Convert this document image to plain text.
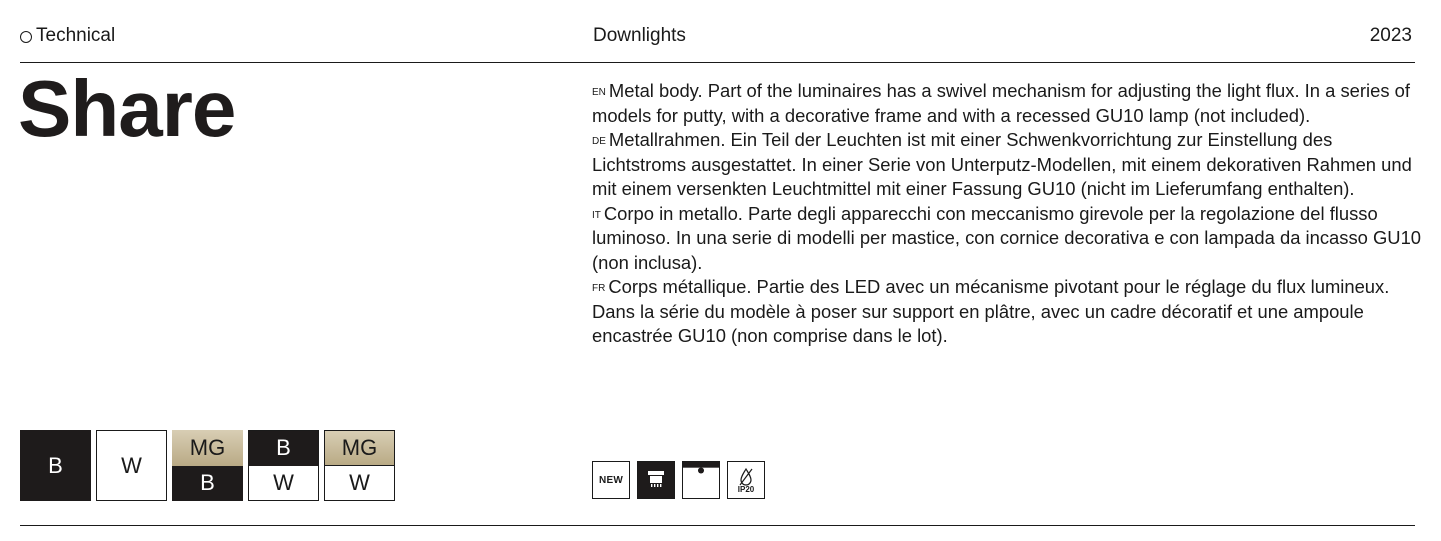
Technical	Downlights	2023
Share	$^{EN}$ Metal body. Part of the luminaires has a swivel mechanism for adjusting the light flux. In a series of models for putty, with a decorative frame and with a recessed GU10 lamp (not included).

$^{DE}$ Metallrahmen. Ein Teil der Leuchten ist mit einer Schwenkvorrichtung zur Einstellung des Lichtstroms ausgestattet. In einer Serie von Unterputz-Modellen, mit einem dekorativen Rahmen und mit einem versenkten Leuchtmittel mit einer Fassung GU10 (nicht im Lieferumfang enthalten).

$^{IT}$ Corpo in metallo. Parte degli apparecchi con meccanismo girevole per la regolazione del flusso luminoso. In una serie di modelli per mastice, con cornice decorativa e con lampada da incasso GU10 (non inclusa).

$^{FR}$ Corps métallique. Partie des LED avec un mécanisme pivotant pour le réglage du flux lumineux. Dans la série du modèle à poser sur support en plâtre, avec un cadre décoratif et une ampoule encastrée GU10 (non comprise dans le lot).

B	W
MG
B
B
W
MG
W	NEW
IP20
